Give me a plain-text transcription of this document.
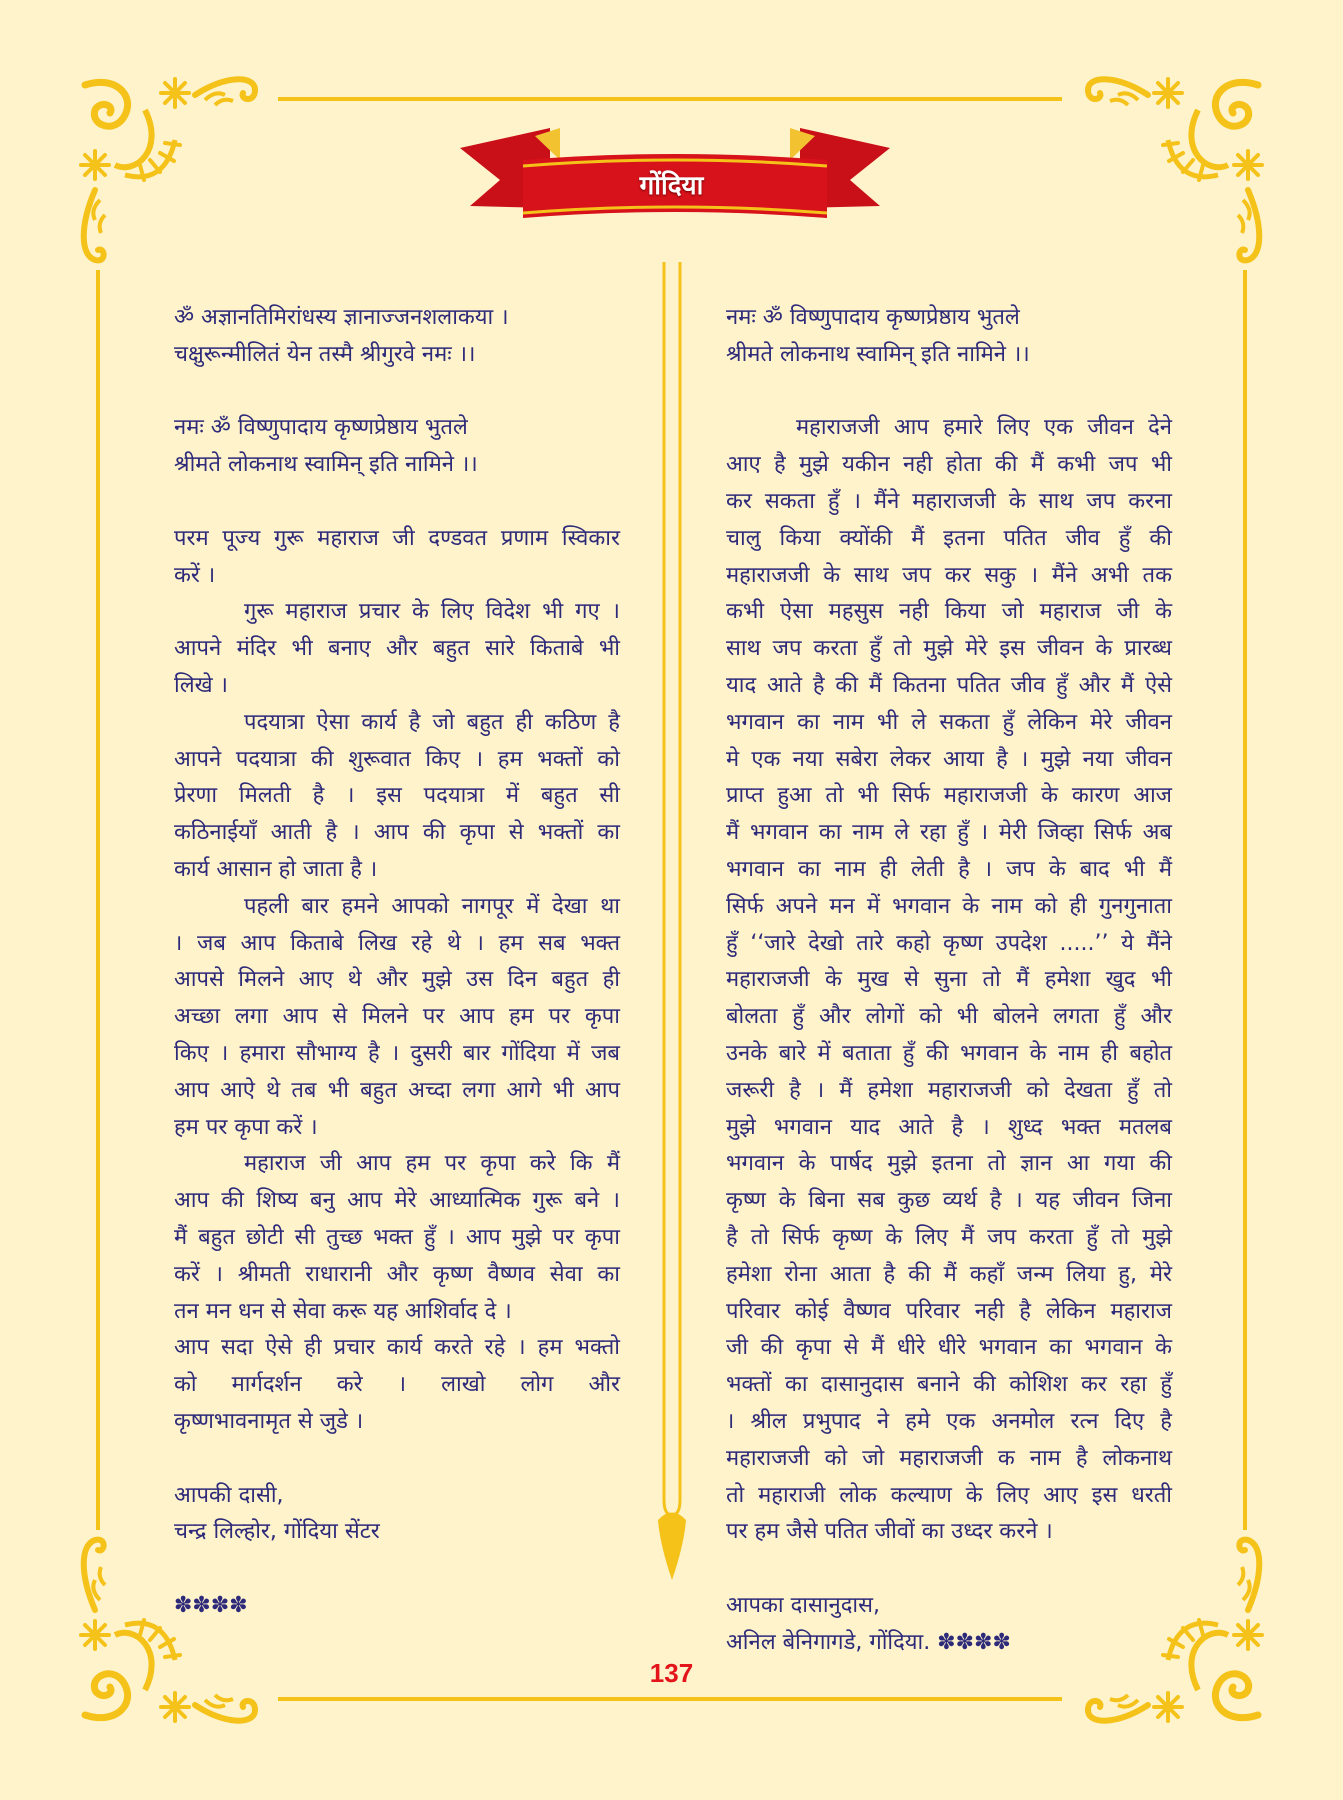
गोंदिया
ॐ अज्ञानतिमिरांधस्य ज्ञानाज्जनशलाकया ।
चक्षुरून्मीलितं येन तस्मै श्रीगुरवे नमः ।।
नमः ॐ विष्णुपादाय कृष्णप्रेष्ठाय भुतले
श्रीमते लोकनाथ स्वामिन् इति नामिने ।।
परम पूज्य गुरू महाराज जी दण्डवत प्रणाम स्विकार
करें ।
गुरू महाराज प्रचार के लिए विदेश भी गए ।
आपने मंदिर भी बनाए और बहुत सारे किताबे भी
लिखे ।
पदयात्रा ऐसा कार्य है जो बहुत ही कठिण है
आपने पदयात्रा की शुरूवात किए । हम भक्तों को
प्रेरणा मिलती है । इस पदयात्रा में बहुत सी
कठिनाईयाँ आती है । आप की कृपा से भक्तों का
कार्य आसान हो जाता है ।
पहली बार हमने आपको नागपूर में देखा था
। जब आप किताबे लिख रहे थे । हम सब भक्त
आपसे मिलने आए थे और मुझे उस दिन बहुत ही
अच्छा लगा आप से मिलने पर आप हम पर कृपा
किए । हमारा सौभाग्य है । दुसरी बार गोंदिया में जब
आप आऐ थे तब भी बहुत अच्दा लगा आगे भी आप
हम पर कृपा करें ।
महाराज जी आप हम पर कृपा करे कि मैं
आप की शिष्य बनु आप मेरे आध्यात्मिक गुरू बने ।
मैं बहुत छोटी सी तुच्छ भक्त हुँ । आप मुझे पर कृपा
करें । श्रीमती राधारानी और कृष्ण वैष्णव सेवा का
तन मन धन से सेवा करू यह आशिर्वाद दे ।
आप सदा ऐसे ही प्रचार कार्य करते रहे । हम भक्तो
को मार्गदर्शन करे । लाखो लोग और
कृष्णभावनामृत से जुडे ।
आपकी दासी,
चन्द्र लिल्होर, गोंदिया सेंटर
✽✽✽✽
नमः ॐ विष्णुपादाय कृष्णप्रेष्ठाय भुतले
श्रीमते लोकनाथ स्वामिन् इति नामिने ।।
महाराजजी आप हमारे लिए एक जीवन देने
आए है मुझे यकीन नही होता की मैं कभी जप भी
कर सकता हुँ । मैंने महाराजजी के साथ जप करना
चालु किया क्योंकी मैं इतना पतित जीव हुँ की
महाराजजी के साथ जप कर सकु । मैंने अभी तक
कभी ऐसा महसुस नही किया जो महाराज जी के
साथ जप करता हुँ तो मुझे मेरे इस जीवन के प्रारब्ध
याद आते है की मैं कितना पतित जीव हुँ और मैं ऐसे
भगवान का नाम भी ले सकता हुँ लेकिन मेरे जीवन
मे एक नया सबेरा लेकर आया है । मुझे नया जीवन
प्राप्त हुआ तो भी सिर्फ महाराजजी के कारण आज
मैं भगवान का नाम ले रहा हुँ । मेरी जिव्हा सिर्फ अब
भगवान का नाम ही लेती है । जप के बाद भी मैं
सिर्फ अपने मन में भगवान के नाम को ही गुनगुनाता
हुँ ‘‘जारे देखो तारे कहो कृष्ण उपदेश .....’’ ये मैंने
महाराजजी के मुख से सुना तो मैं हमेशा खुद भी
बोलता हुँ और लोगों को भी बोलने लगता हुँ और
उनके बारे में बताता हुँ की भगवान के नाम ही बहोत
जरूरी है । मैं हमेशा महाराजजी को देखता हुँ तो
मुझे भगवान याद आते है । शुध्द भक्त मतलब
भगवान के पार्षद मुझे इतना तो ज्ञान आ गया की
कृष्ण के बिना सब कुछ व्यर्थ है । यह जीवन जिना
है तो सिर्फ कृष्ण के लिए मैं जप करता हुँ तो मुझे
हमेशा रोना आता है की मैं कहाँ जन्म लिया हु, मेरे
परिवार कोई वैष्णव परिवार नही है लेकिन महाराज
जी की कृपा से मैं धीरे धीरे भगवान का भगवान के
भक्तों का दासानुदास बनाने की कोशिश कर रहा हुँ
। श्रील प्रभुपाद ने हमे एक अनमोल रत्न दिए है
महाराजजी को जो महाराजजी क नाम है लोकनाथ
तो महाराजी लोक कल्याण के लिए आए इस धरती
पर हम जैसे पतित जीवों का उध्दर करने ।
आपका दासानुदास,
अनिल बेनिगागडे, गोंदिया. ✽✽✽✽
137
